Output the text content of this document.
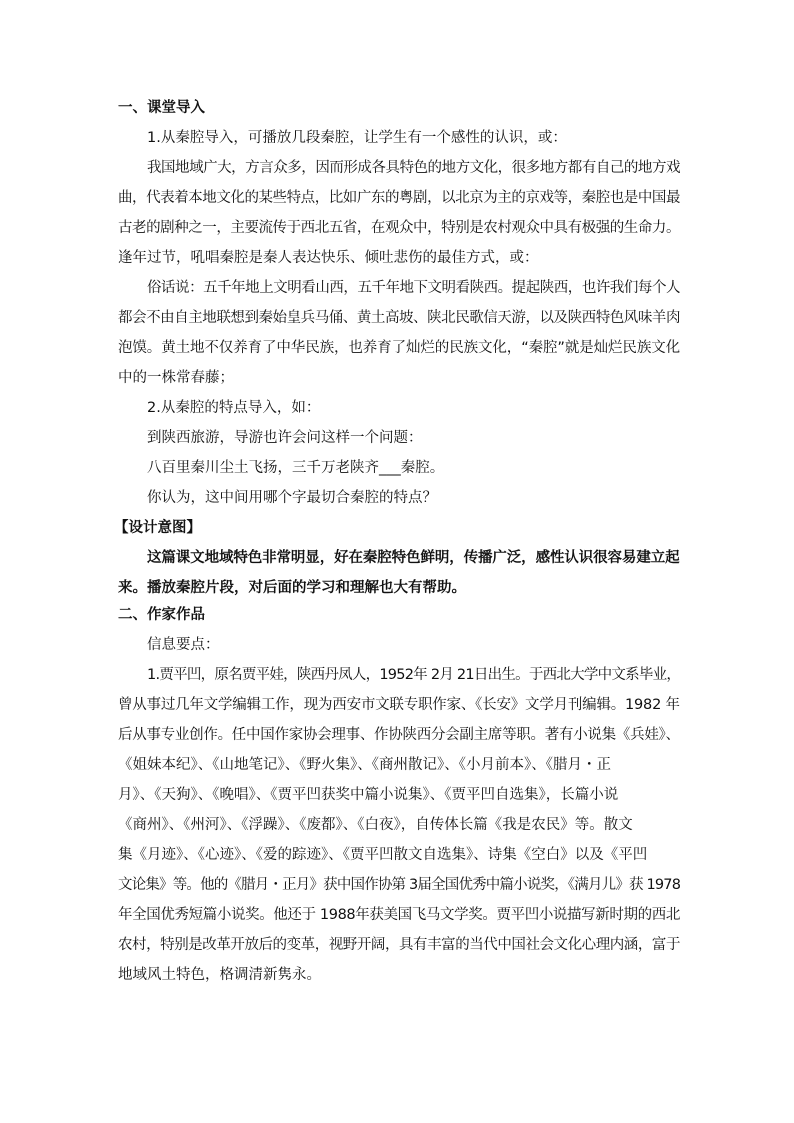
一、课堂导入

1.从秦腔导入，可播放几段秦腔，让学生有一个感性的认识，或：
我国地域广大，方言众多，因而形成各具特色的地方文化，很多地方都有自己的地方戏
曲，代表着本地文化的某些特点，比如广东的粤剧，以北京为主的京戏等，秦腔也是中国最
古老的剧种之一，主要流传于西北五省，在观众中，特别是农村观众中具有极强的生命力。
逢年过节，吼唱秦腔是秦人表达快乐、倾吐悲伤的最佳方式，或：
俗话说：五千年地上文明看山西，五千年地下文明看陕西。提起陕西，也许我们每个人
都会不由自主地联想到秦始皇兵马俑、黄土高坡、陕北民歌信天游，以及陕西特色风味羊肉
泡馍。黄土地不仅养育了中华民族，也养育了灿烂的民族文化，“秦腔”就是灿烂民族文化
中的一株常春藤；
2.从秦腔的特点导入，如：
到陕西旅游，导游也许会问这样一个问题：
八百里秦川尘土飞扬，三千万老陕齐___秦腔。
你认为，这中间用哪个字最切合秦腔的特点？

【设计意图】

这篇课文地域特色非常明显，好在秦腔特色鲜明，传播广泛，感性认识很容易建立起
来。播放秦腔片段，对后面的学习和理解也大有帮助。

二、作家作品

信息要点：
1.贾平凹，原名贾平娃，陕西丹凤人，1952年 2月 21日出生。于西北大学中文系毕业，
曾从事过几年文学编辑工作，现为西安市文联专职作家、《长安》文学月刊编辑。1982 年
后从事专业创作。任中国作家协会理事、作协陕西分会副主席等职。著有小说集《兵娃》、
《姐妹本纪》、《山地笔记》、《野火集》、《商州散记》、《小月前本》、《腊月・正
月》、《天狗》、《晚唱》、《贾平凹获奖中篇小说集》、《贾平凹自选集》，长篇小说
《商州》、《州河》、《浮躁》、《废都》、《白夜》，自传体长篇《我是农民》等。散文
集《月迹》、《心迹》、《爱的踪迹》、《贾平凹散文自选集》、诗集《空白》以及《平凹
文论集》等。他的《腊月・正月》获中国作协第 3届全国优秀中篇小说奖，《满月儿》获 1978
年全国优秀短篇小说奖。他还于 1988年获美国飞马文学奖。贾平凹小说描写新时期的西北
农村，特别是改革开放后的变革，视野开阔，具有丰富的当代中国社会文化心理内涵，富于
地域风土特色，格调清新隽永。
